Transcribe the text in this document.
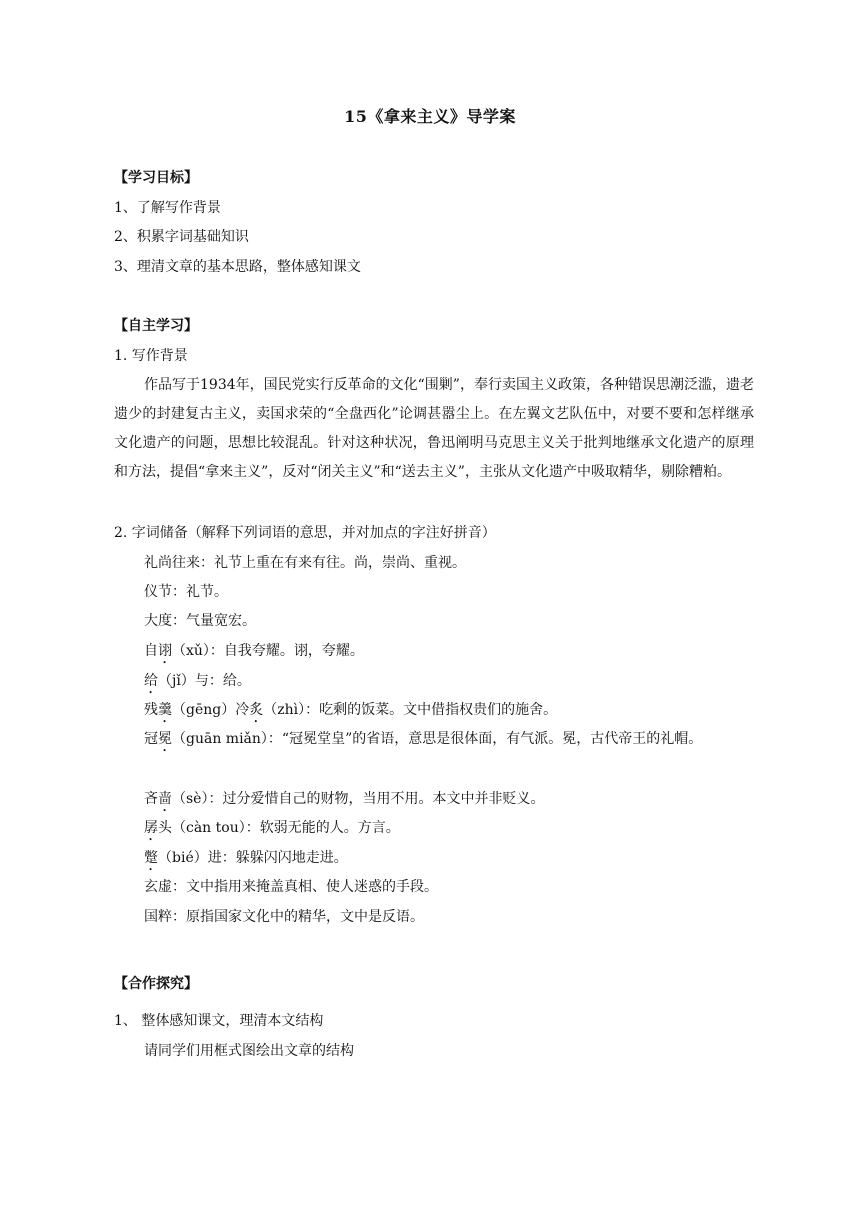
15《拿来主义》导学案
【学习目标】
1、了解写作背景
2、积累字词基础知识
3、理清文章的基本思路，整体感知课文
【自主学习】
1. 写作背景
作品写于1934年，国民党实行反革命的文化“围剿”，奉行卖国主义政策，各种错误思潮泛滥，遗老遗少的封建复古主义，卖国求荣的“全盘西化”论调甚嚣尘上。在左翼文艺队伍中，对要不要和怎样继承文化遗产的问题，思想比较混乱。针对这种状况，鲁迅阐明马克思主义关于批判地继承文化遗产的原理和方法，提倡“拿来主义”，反对“闭关主义”和“送去主义”，主张从文化遗产中吸取精华，剔除糟粕。
2. 字词储备（解释下列词语的意思，并对加点的字注好拼音）
礼尚往来：礼节上重在有来有往。尚，崇尚、重视。
仪节：礼节。
大度：气量宽宏。
自诩（xǔ）：自我夸耀。诩，夸耀。
给（jǐ）与：给。
残羹（gēng）冷炙（zhì）：吃剩的饭菜。文中借指权贵们的施舍。
冠冕（guān miǎn）：“冠冕堂皇”的省语，意思是很体面，有气派。冕，古代帝王的礼帽。
吝啬（sè）：过分爱惜自己的财物，当用不用。本文中并非贬义。
孱头（càn tou）：软弱无能的人。方言。
蹩（bié）进：躲躲闪闪地走进。
玄虚：文中指用来掩盖真相、使人迷惑的手段。
国粹：原指国家文化中的精华，文中是反语。
【合作探究】
1、 整体感知课文，理清本文结构
请同学们用框式图绘出文章的结构
